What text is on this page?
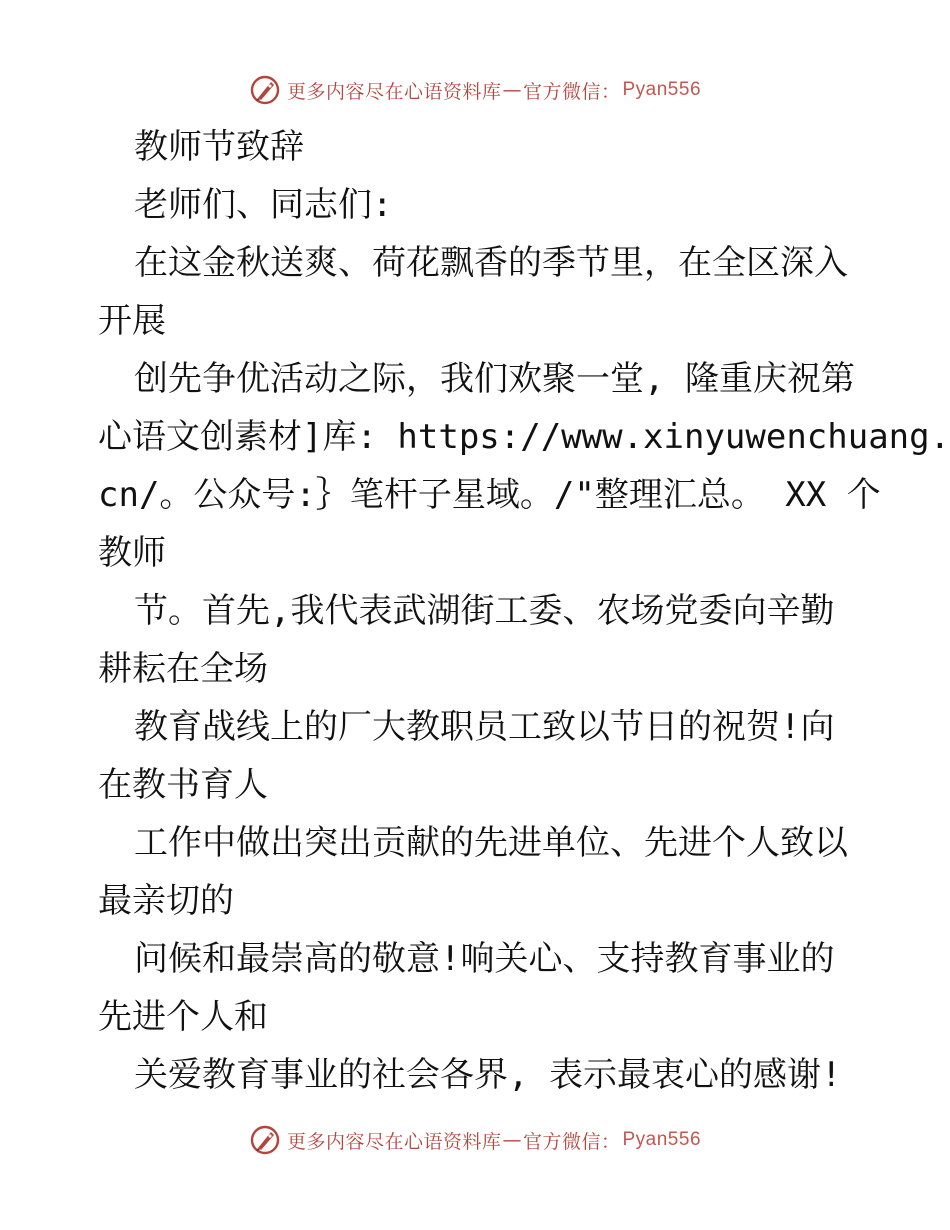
更多内容尽在心语资料库 — 官方微信： Pyan556
教师节致辞
老师们、同志们:
在这金秋送爽、荷花飘香的季节里，在全区深入
开展
创先争优活动之际，我们欢聚一堂, 隆重庆祝第
心语文创素材]库: https://www.xinyuwenchuang.
cn/。公众号:｝笔杆子星域。/"整理汇总。 XX 个
教师
节。首先,我代表武湖街工委、农场党委向辛勤
耕耘在全场
教育战线上的厂大教职员工致以节日的祝贺!向
在教书育人
工作中做出突出贡献的先进单位、先进个人致以
最亲切的
问候和最崇高的敬意!响关心、支持教育事业的
先进个人和
关爱教育事业的社会各界, 表示最衷心的感谢!
更多内容尽在心语资料库 — 官方微信： Pyan556
